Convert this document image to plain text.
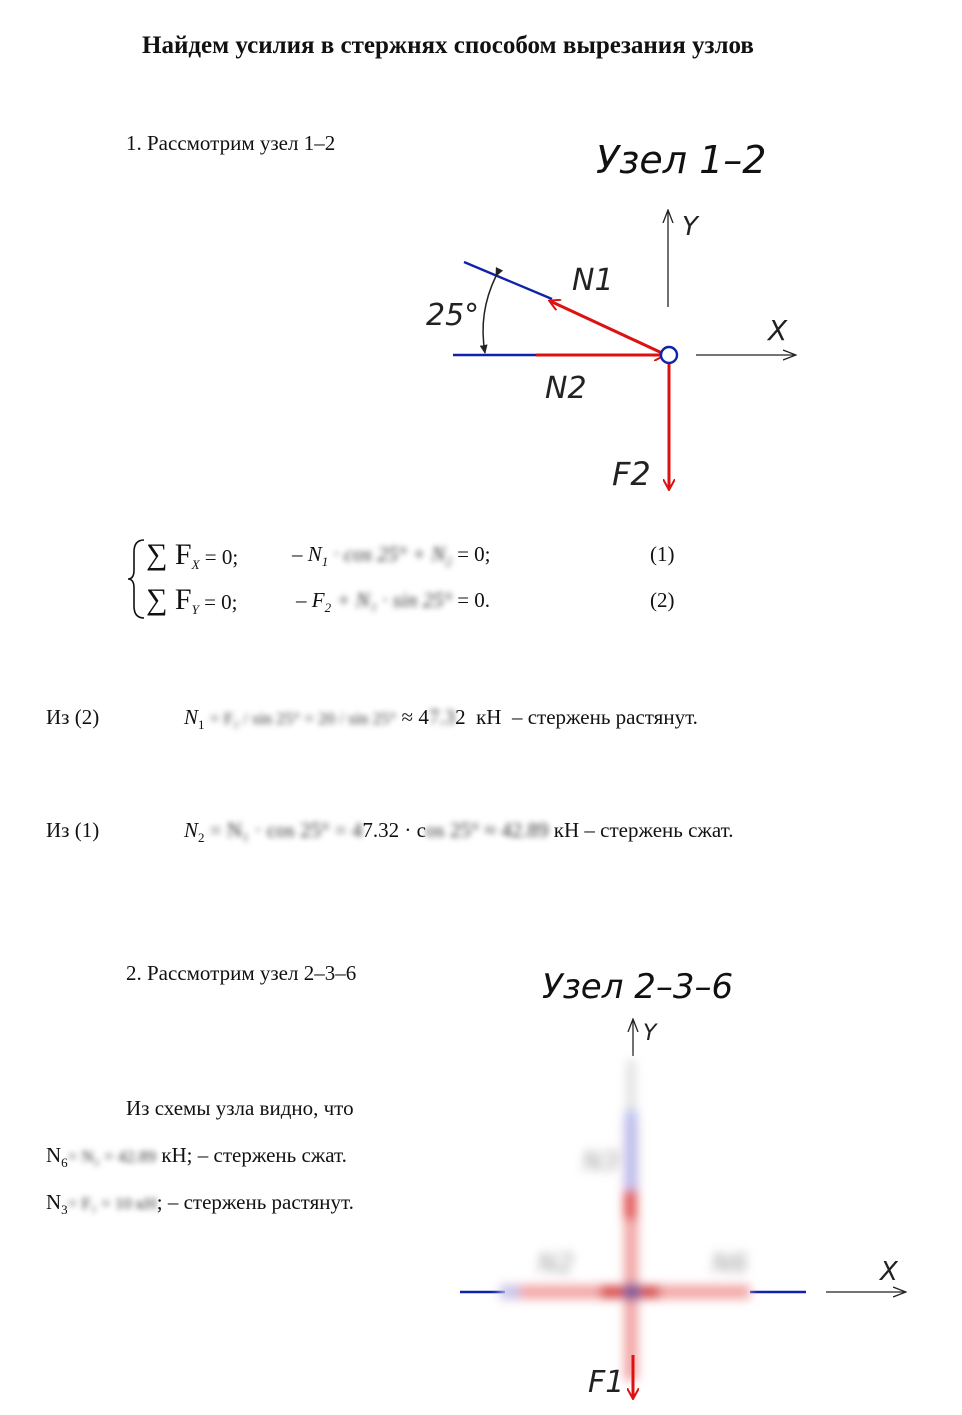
Найдем усилия в стержнях способом вырезания узлов
1. Рассмотрим узел 1–2	Узел 1–2
Y
X
25°
N1
N2
F2
∑ $F_X = 0$;	– $N_1 \cdot \cos 25^\circ + N_2 = 0$;	(1)
∑ $F_Y = 0$;	– $F_2 + N_1 \cdot \sin 25^\circ = 0$.	(2)
Из (2)	$N_1 = F_2 / \sin 25^\circ = 20 / \sin 25^\circ \approx 47.32$ кН – стержень растянут.
Из (1)	$N_2 = N_1 \cdot \cos 25^\circ = 47.32 \cdot \cos 25^\circ \approx 42.89$ кН – стержень сжат.
2. Рассмотрим узел 2–3–6
Из схемы узла видно, что
$N_6= N_2 = 42.89$ кН; – стержень сжат.
$N_3= F_1 = 10$ кН; – стержень растянут.
Узел 2–3–6
Y
X
N3
N2	N6
F1
